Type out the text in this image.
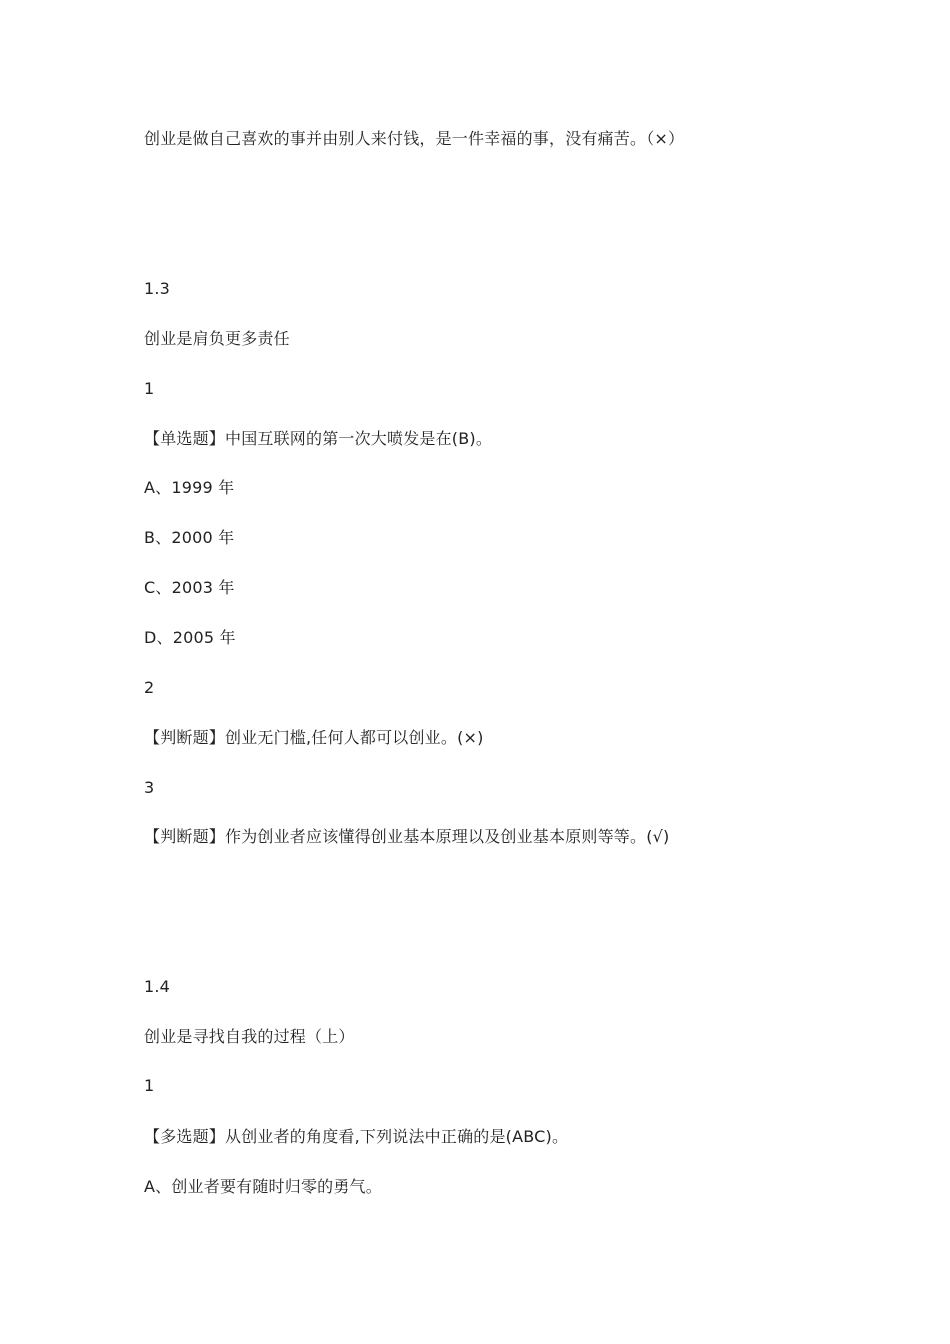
创业是做自己喜欢的事并由别人来付钱，是一件幸福的事，没有痛苦。（×）
1.3
创业是肩负更多责任
1
【单选题】中国互联网的第一次大喷发是在(B)。
A、1999 年
B、2000 年
C、2003 年
D、2005 年
2
【判断题】创业无门槛,任何人都可以创业。(×)
3
【判断题】作为创业者应该懂得创业基本原理以及创业基本原则等等。(√)
1.4
创业是寻找自我的过程（上）
1
【多选题】从创业者的角度看,下列说法中正确的是(ABC)。
A、创业者要有随时归零的勇气。
